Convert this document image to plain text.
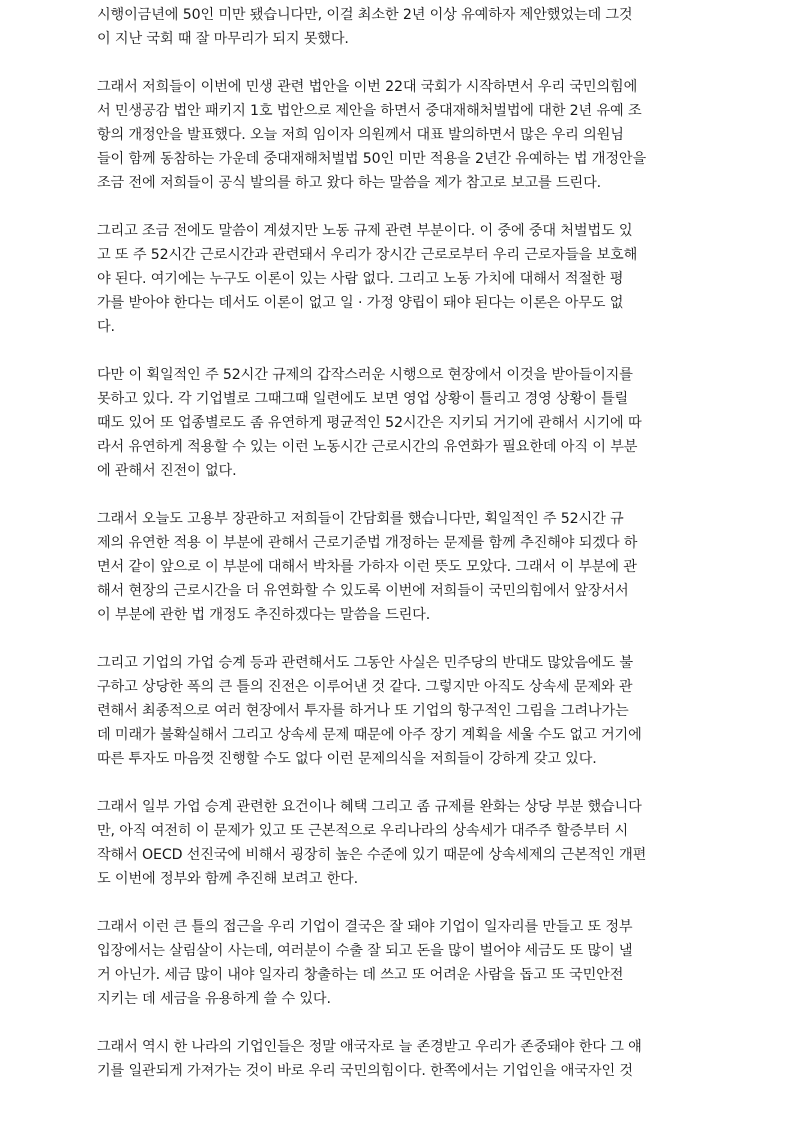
시행이금년에 50인 미만 됐습니다만, 이걸 최소한 2년 이상 유예하자 제안했었는데 그것
이 지난 국회 때 잘 마무리가 되지 못했다.
그래서 저희들이 이번에 민생 관련 법안을 이번 22대 국회가 시작하면서 우리 국민의힘에
서 민생공감 법안 패키지 1호 법안으로 제안을 하면서 중대재해처벌법에 대한 2년 유예 조
항의 개정안을 발표했다. 오늘 저희 임이자 의원께서 대표 발의하면서 많은 우리 의원님
들이 함께 동참하는 가운데 중대재해처벌법 50인 미만 적용을 2년간 유예하는 법 개정안을
조금 전에 저희들이 공식 발의를 하고 왔다 하는 말씀을 제가 참고로 보고를 드린다.
그리고 조금 전에도 말씀이 계셨지만 노동 규제 관련 부분이다. 이 중에 중대 처벌법도 있
고 또 주 52시간 근로시간과 관련돼서 우리가 장시간 근로로부터 우리 근로자들을 보호해
야 된다. 여기에는 누구도 이론이 있는 사람 없다. 그리고 노동 가치에 대해서 적절한 평
가를 받아야 한다는 데서도 이론이 없고 일 · 가정 양립이 돼야 된다는 이론은 아무도 없
다.
다만 이 획일적인 주 52시간 규제의 갑작스러운 시행으로 현장에서 이것을 받아들이지를
못하고 있다. 각 기업별로 그때그때 일련에도 보면 영업 상황이 틀리고 경영 상황이 틀릴
때도 있어 또 업종별로도 좀 유연하게 평균적인 52시간은 지키되 거기에 관해서 시기에 따
라서 유연하게 적용할 수 있는 이런 노동시간 근로시간의 유연화가 필요한데 아직 이 부분
에 관해서 진전이 없다.
그래서 오늘도 고용부 장관하고 저희들이 간담회를 했습니다만, 획일적인 주 52시간 규
제의 유연한 적용 이 부분에 관해서 근로기준법 개정하는 문제를 함께 추진해야 되겠다 하
면서 같이 앞으로 이 부분에 대해서 박차를 가하자 이런 뜻도 모았다. 그래서 이 부분에 관
해서 현장의 근로시간을 더 유연화할 수 있도록 이번에 저희들이 국민의힘에서 앞장서서
이 부분에 관한 법 개정도 추진하겠다는 말씀을 드린다.
그리고 기업의 가업 승계 등과 관련해서도 그동안 사실은 민주당의 반대도 많았음에도 불
구하고 상당한 폭의 큰 틀의 진전은 이루어낸 것 같다. 그렇지만 아직도 상속세 문제와 관
련해서 최종적으로 여러 현장에서 투자를 하거나 또 기업의 항구적인 그림을 그려나가는
데 미래가 불확실해서 그리고 상속세 문제 때문에 아주 장기 계획을 세울 수도 없고 거기에
따른 투자도 마음껏 진행할 수도 없다 이런 문제의식을 저희들이 강하게 갖고 있다.
그래서 일부 가업 승계 관련한 요건이나 혜택 그리고 좀 규제를 완화는 상당 부분 했습니다
만, 아직 여전히 이 문제가 있고 또 근본적으로 우리나라의 상속세가 대주주 할증부터 시
작해서 OECD 선진국에 비해서 굉장히 높은 수준에 있기 때문에 상속세제의 근본적인 개편
도 이번에 정부와 함께 추진해 보려고 한다.
그래서 이런 큰 틀의 접근을 우리 기업이 결국은 잘 돼야 기업이 일자리를 만들고 또 정부
입장에서는 살림살이 사는데, 여러분이 수출 잘 되고 돈을 많이 벌어야 세금도 또 많이 낼
거 아닌가. 세금 많이 내야 일자리 창출하는 데 쓰고 또 어려운 사람을 돕고 또 국민안전
지키는 데 세금을 유용하게 쓸 수 있다.
그래서 역시 한 나라의 기업인들은 정말 애국자로 늘 존경받고 우리가 존중돼야 한다 그 얘
기를 일관되게 가져가는 것이 바로 우리 국민의힘이다. 한쪽에서는 기업인을 애국자인 것
